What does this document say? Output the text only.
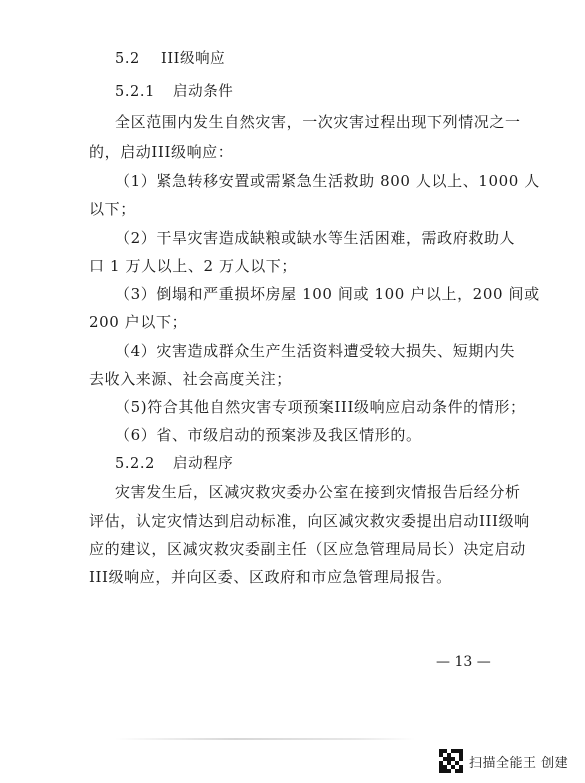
5.2 III级响应
5.2.1 启动条件
全区范围内发生自然灾害，一次灾害过程出现下列情况之一
的，启动III级响应：
（1）紧急转移安置或需紧急生活救助 800 人以上、1000 人
以下；
（2）干旱灾害造成缺粮或缺水等生活困难，需政府救助人
口 1 万人以上、2 万人以下；
（3）倒塌和严重损坏房屋 100 间或 100 户以上，200 间或
200 户以下；
（4）灾害造成群众生产生活资料遭受较大损失、短期内失
去收入来源、社会高度关注；
（5)符合其他自然灾害专项预案III级响应启动条件的情形；
（6）省、市级启动的预案涉及我区情形的。
5.2.2 启动程序
灾害发生后，区减灾救灾委办公室在接到灾情报告后经分析
评估，认定灾情达到启动标准，向区减灾救灾委提出启动III级响
应的建议，区减灾救灾委副主任（区应急管理局局长）决定启动
III级响应，并向区委、区政府和市应急管理局报告。
— 13 —
扫描全能王 创建
